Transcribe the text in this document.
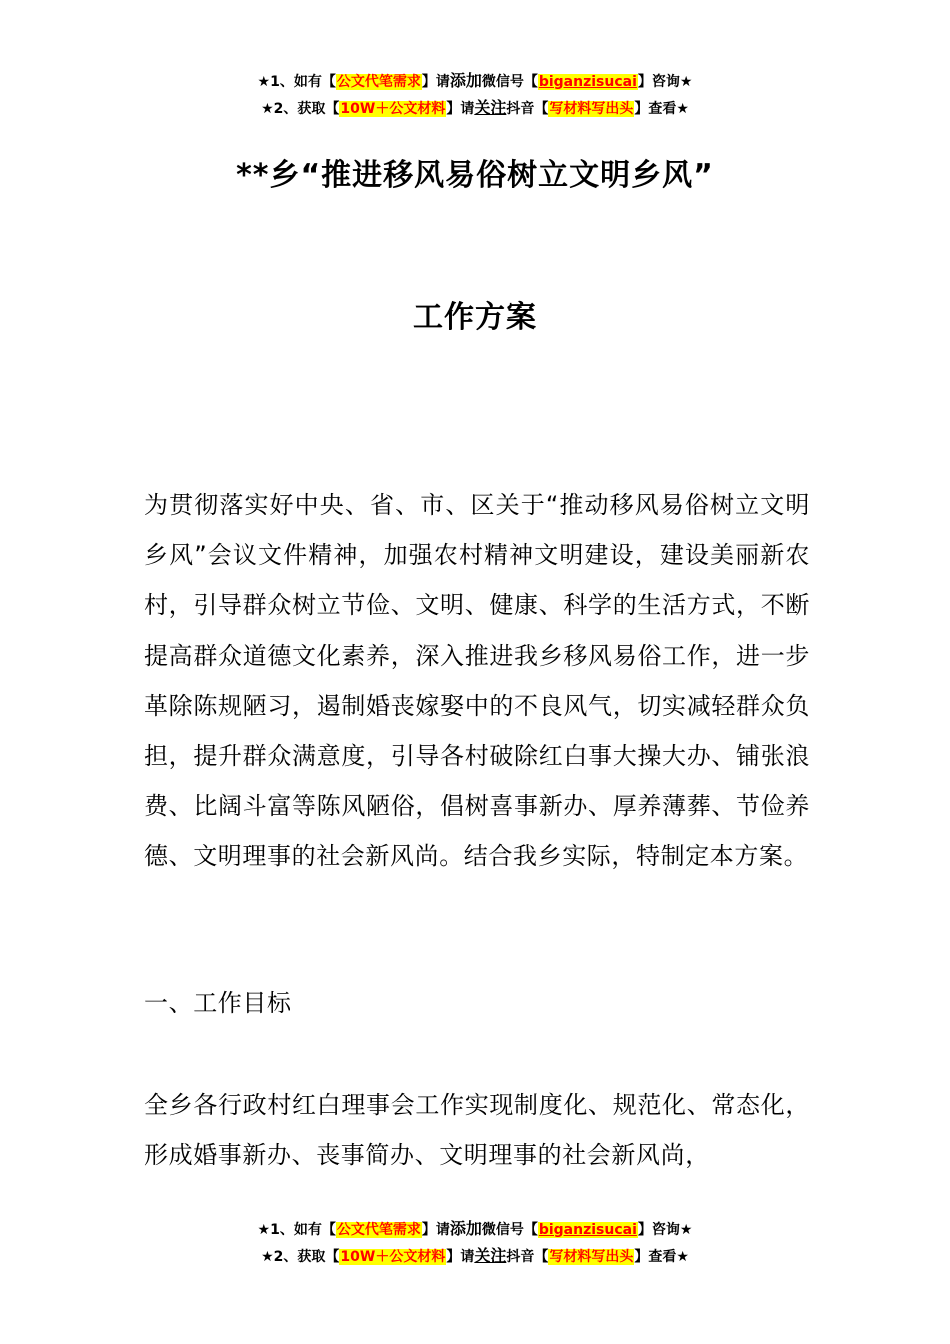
★1、如有【公文代笔需求】请添加微信号【biganzisucai】咨询★
★2、获取【10W＋公文材料】请关注抖音【写材料写出头】查看★
**乡“推进移风易俗树立文明乡风”
工作方案
为贯彻落实好中央、省、市、区关于“推动移风易俗树立文明乡风”会议文件精神，加强农村精神文明建设，建设美丽新农村，引导群众树立节俭、文明、健康、科学的生活方式，不断提高群众道德文化素养，深入推进我乡移风易俗工作，进一步革除陈规陋习，遏制婚丧嫁娶中的不良风气，切实减轻群众负担，提升群众满意度，引导各村破除红白事大操大办、铺张浪费、比阔斗富等陈风陋俗，倡树喜事新办、厚养薄葬、节俭养德、文明理事的社会新风尚。结合我乡实际，特制定本方案。
一、工作目标
全乡各行政村红白理事会工作实现制度化、规范化、常态化，形成婚事新办、丧事简办、文明理事的社会新风尚，
★1、如有【公文代笔需求】请添加微信号【biganzisucai】咨询★
★2、获取【10W＋公文材料】请关注抖音【写材料写出头】查看★
